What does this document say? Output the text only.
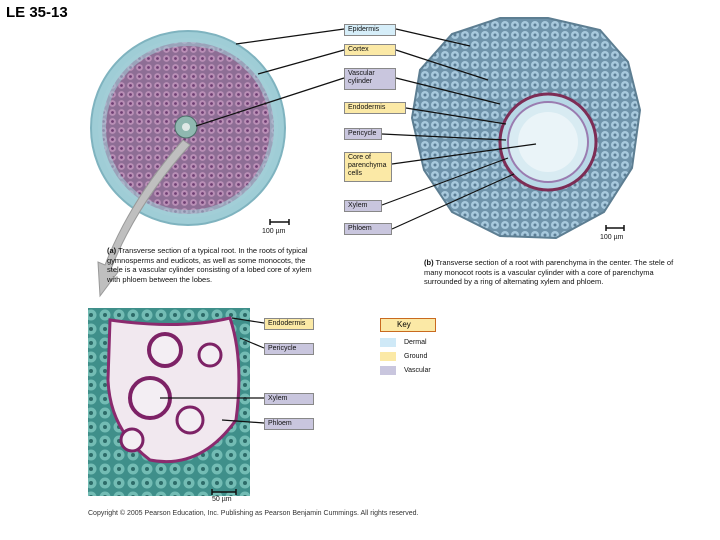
LE 35-13
Epidermis
Cortex
Vascular cylinder
Endodermis
Pericycle
Core of parenchyma cells
Xylem
Phloem
Endodermis
Pericycle
Xylem
Phloem
100 µm
100 µm
50 µm
(a) Transverse section of a typical root. In the roots of typical gymnosperms and eudicots, as well as some monocots, the stele is a vascular cylinder consisting of a lobed core of xylem with phloem between the lobes.
(b) Transverse section of a root with parenchyma in the center. The stele of many monocot roots is a vascular cylinder with a core of parenchyma surrounded by a ring of alternating xylem and phloem.
Key
Dermal
Ground
Vascular
Copyright © 2005 Pearson Education, Inc. Publishing as Pearson Benjamin Cummings. All rights reserved.
